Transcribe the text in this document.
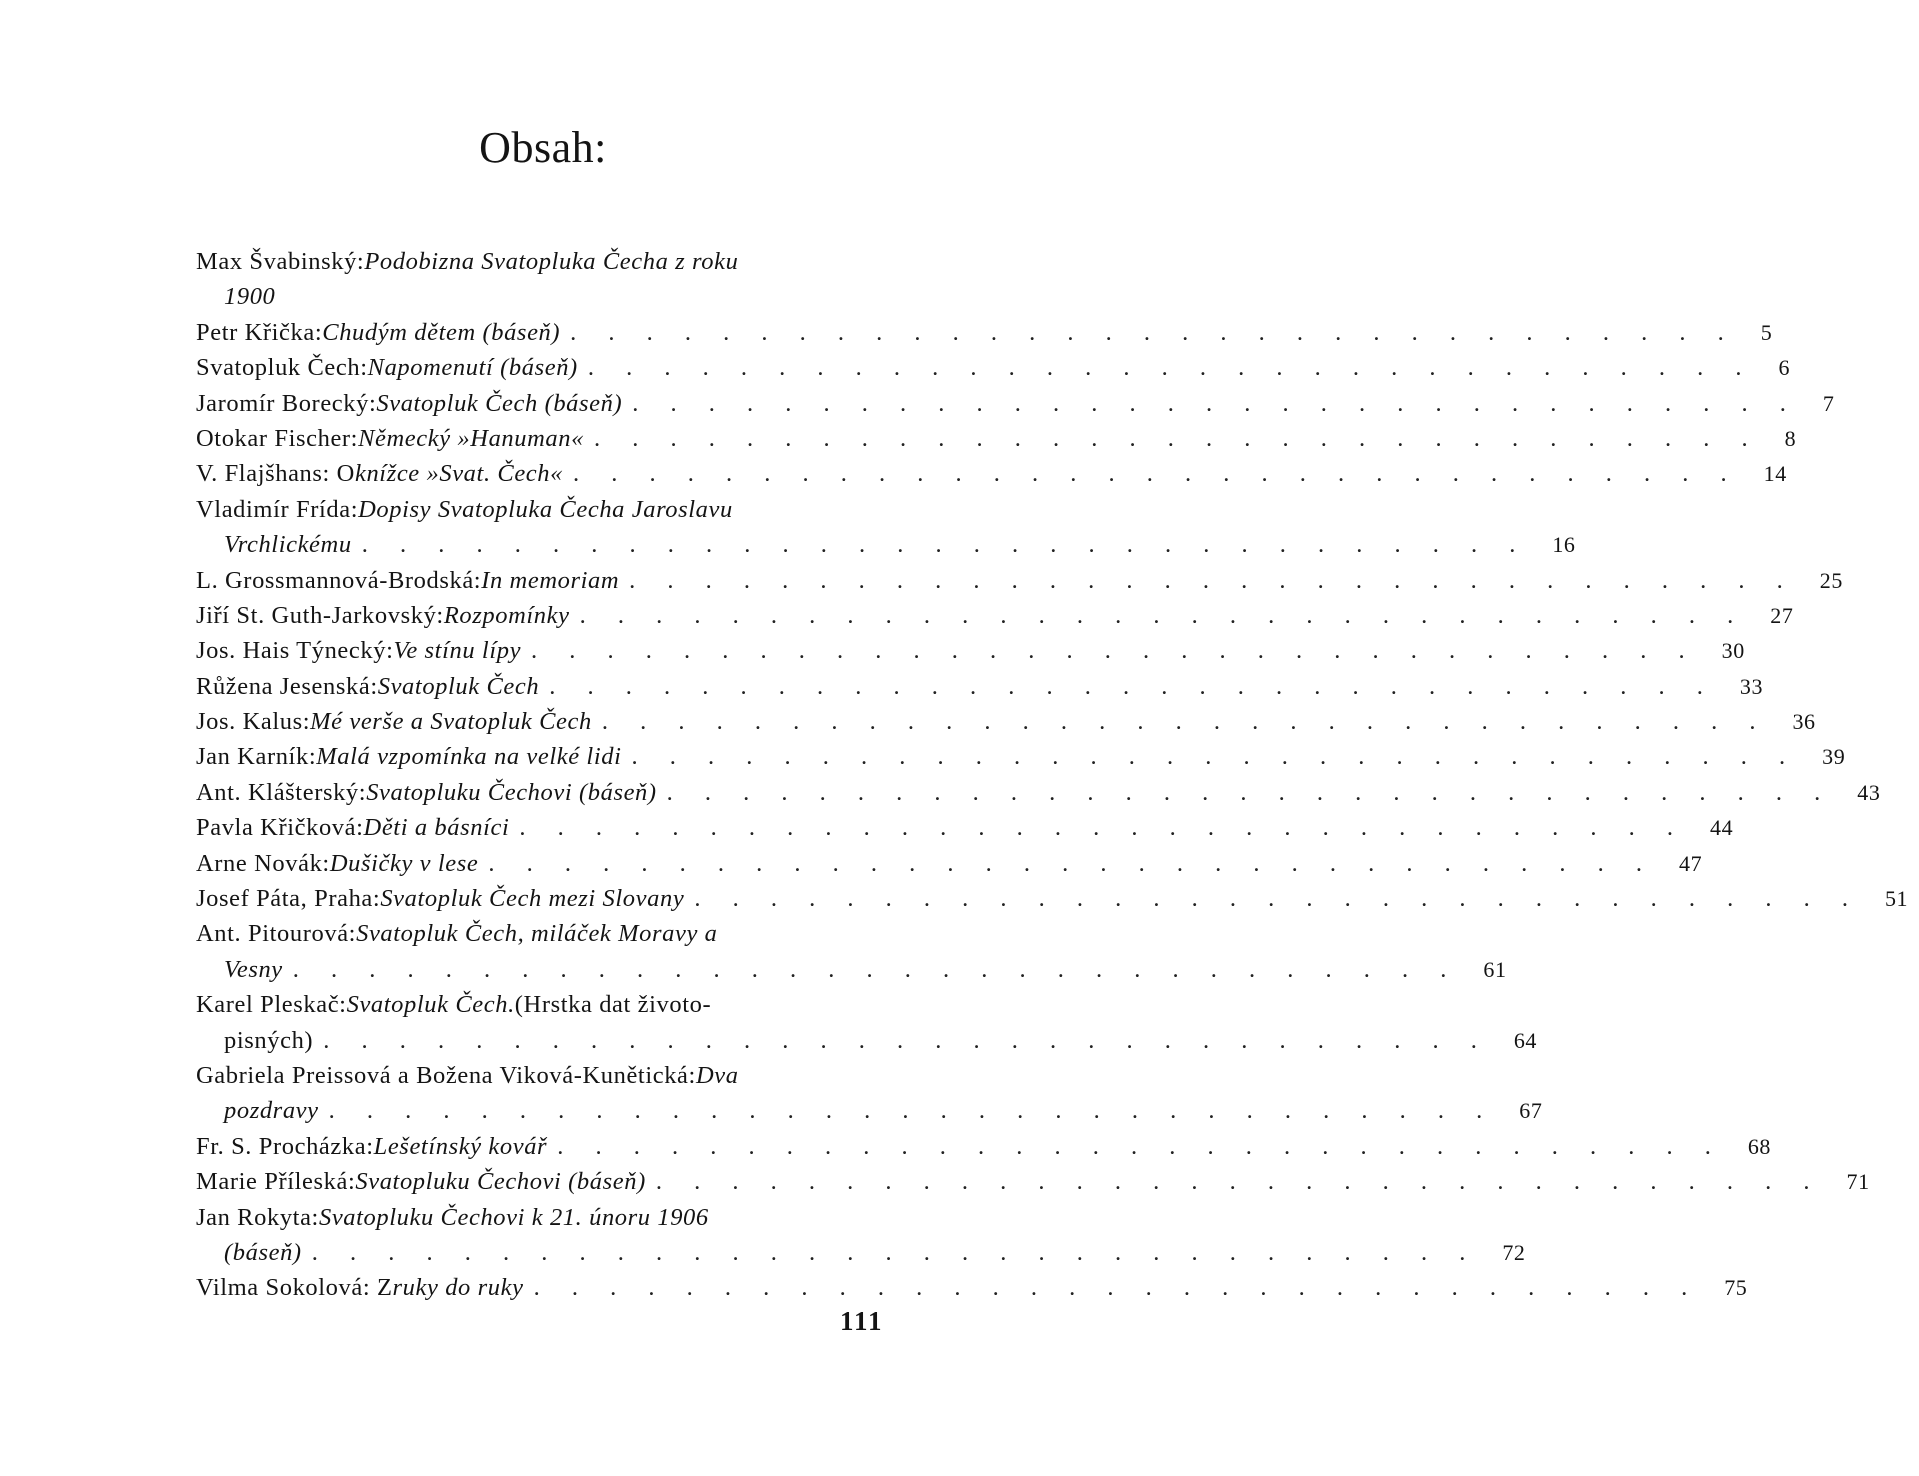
Obsah:
Max Švabinský: Podobizna Svatopluka Čecha z roku
1900
Petr Křička: Chudým dětem (báseň) . . . . . . . . . . . . . . . . . . . . . . . . . . . . . . .	5
Svatopluk Čech: Napomenutí (báseň) . . . . . . . . . . . . . . . . . . . . . . . . . . . . . . .	6
Jaromír Borecký: Svatopluk Čech (báseň) . . . . . . . . . . . . . . . . . . . . . . . . . . . . . . .	7
Otokar Fischer: Německý »Hanuman« . . . . . . . . . . . . . . . . . . . . . . . . . . . . . . .	8
V. Flajšhans: O knížce »Svat. Čech« . . . . . . . . . . . . . . . . . . . . . . . . . . . . . . .	14
Vladimír Frída: Dopisy Svatopluka Čecha Jaroslavu
Vrchlickému . . . . . . . . . . . . . . . . . . . . . . . . . . . . . . .	16
L. Grossmannová-Brodská: In memoriam . . . . . . . . . . . . . . . . . . . . . . . . . . . . . . .	25
Jiří St. Guth-Jarkovský: Rozpomínky . . . . . . . . . . . . . . . . . . . . . . . . . . . . . . .	27
Jos. Hais Týnecký: Ve stínu lípy . . . . . . . . . . . . . . . . . . . . . . . . . . . . . . .	30
Růžena Jesenská: Svatopluk Čech . . . . . . . . . . . . . . . . . . . . . . . . . . . . . . .	33
Jos. Kalus: Mé verše a Svatopluk Čech . . . . . . . . . . . . . . . . . . . . . . . . . . . . . . .	36
Jan Karník: Malá vzpomínka na velké lidi . . . . . . . . . . . . . . . . . . . . . . . . . . . . . . .	39
Ant. Klášterský: Svatopluku Čechovi (báseň) . . . . . . . . . . . . . . . . . . . . . . . . . . . . . . .	43
Pavla Křičková: Děti a básníci . . . . . . . . . . . . . . . . . . . . . . . . . . . . . . .	44
Arne Novák: Dušičky v lese . . . . . . . . . . . . . . . . . . . . . . . . . . . . . . .	47
Josef Páta, Praha: Svatopluk Čech mezi Slovany . . . . . . . . . . . . . . . . . . . . . . . . . . . . . . .	51
Ant. Pitourová: Svatopluk Čech, miláček Moravy a
Vesny . . . . . . . . . . . . . . . . . . . . . . . . . . . . . . .	61
Karel Pleskač: Svatopluk Čech. (Hrstka dat životo-
pisných) . . . . . . . . . . . . . . . . . . . . . . . . . . . . . . .	64
Gabriela Preissová a Božena Viková-Kunětická: Dva
pozdravy . . . . . . . . . . . . . . . . . . . . . . . . . . . . . . .	67
Fr. S. Procházka: Lešetínský kovář . . . . . . . . . . . . . . . . . . . . . . . . . . . . . . .	68
Marie Příleská: Svatopluku Čechovi (báseň) . . . . . . . . . . . . . . . . . . . . . . . . . . . . . . .	71
Jan Rokyta: Svatopluku Čechovi k 21. únoru 1906
(báseň) . . . . . . . . . . . . . . . . . . . . . . . . . . . . . . .	72
Vilma Sokolová: Z ruky do ruky . . . . . . . . . . . . . . . . . . . . . . . . . . . . . . .	75
111
